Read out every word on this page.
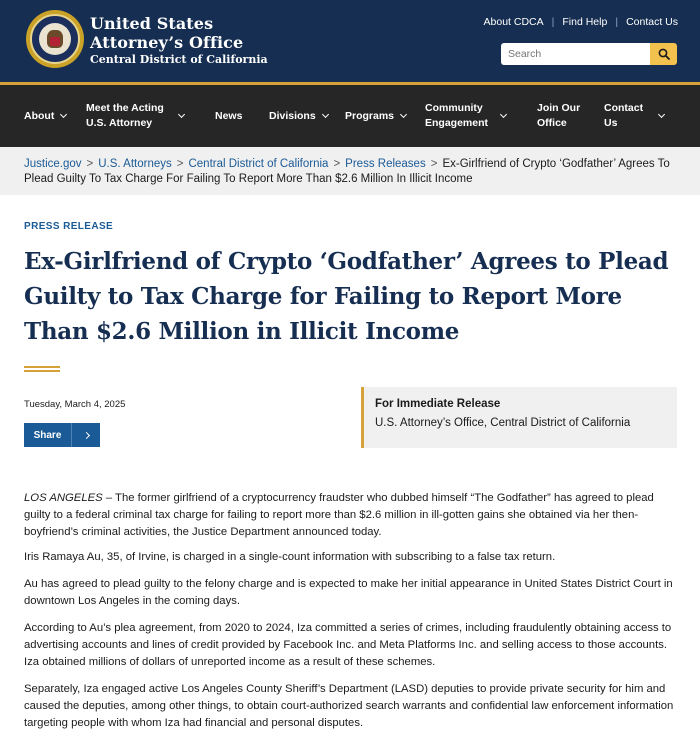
United States
Attorney’s Office
Central District of California
About CDCA | Find Help | Contact Us
Search
About
Meet the Acting
U.S. Attorney
News	Divisions	Programs
Community
Engagement
Join Our
Office
Contact
Us
Justice.gov > U.S. Attorneys > Central District of California > Press Releases > Ex-Girlfriend of Crypto ‘Godfather’ Agrees To Plead Guilty To Tax Charge For Failing To Report More Than $2.6 Million In Illicit Income
PRESS RELEASE
Ex-Girlfriend of Crypto ‘Godfather’ Agrees to Plead Guilty to Tax Charge for Failing to Report More Than $2.6 Million in Illicit Income
Tuesday, March 4, 2025
Share
For Immediate Release
U.S. Attorney’s Office, Central District of California

LOS ANGELES – The former girlfriend of a cryptocurrency fraudster who dubbed himself “The Godfather” has agreed to plead guilty to a federal criminal tax charge for failing to report more than $2.6 million in ill-gotten gains she obtained via her then-boyfriend’s criminal activities, the Justice Department announced today.

Iris Ramaya Au, 35, of Irvine, is charged in a single-count information with subscribing to a false tax return.

Au has agreed to plead guilty to the felony charge and is expected to make her initial appearance in United States District Court in downtown Los Angeles in the coming days.

According to Au’s plea agreement, from 2020 to 2024, Iza committed a series of crimes, including fraudulently obtaining access to advertising accounts and lines of credit provided by Facebook Inc. and Meta Platforms Inc. and selling access to those accounts. Iza obtained millions of dollars of unreported income as a result of these schemes.

Separately, Iza engaged active Los Angeles County Sheriff’s Department (LASD) deputies to provide private security for him and caused the deputies, among other things, to obtain court-authorized search warrants and confidential law enforcement information targeting people with whom Iza had financial and personal disputes.
